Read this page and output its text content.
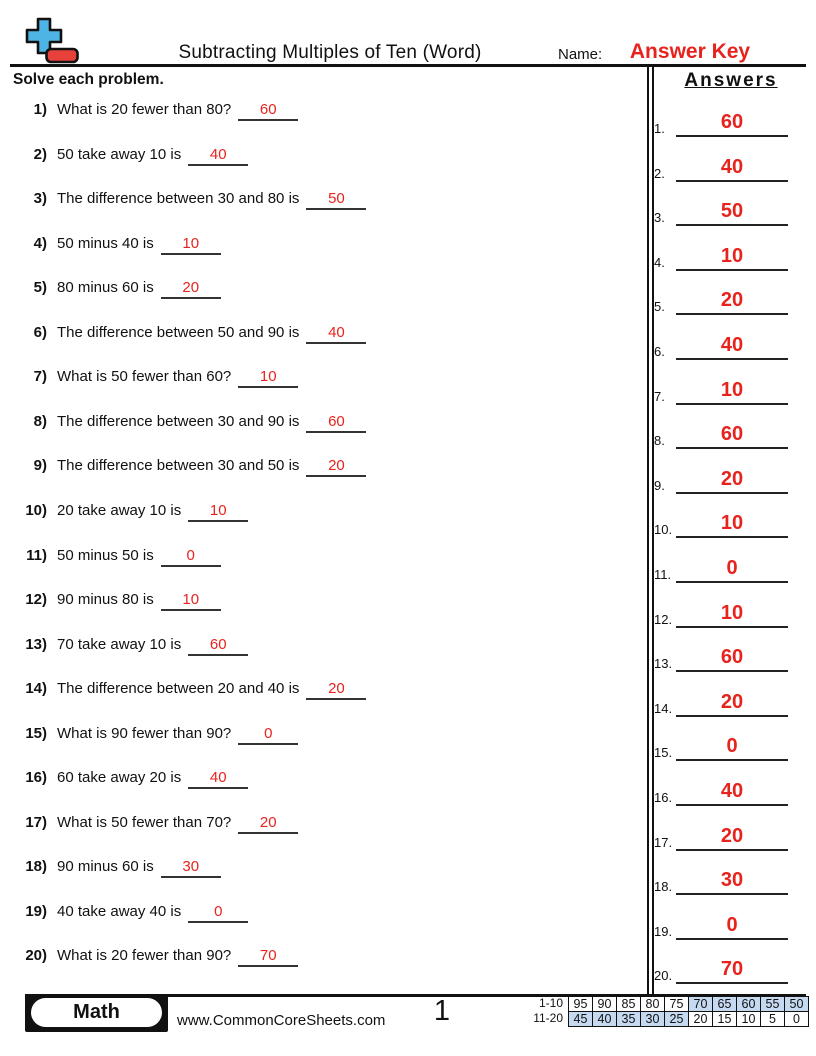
Subtracting Multiples of Ten (Word)	Name:	Answer Key
Solve each problem.
1) What is 20 fewer than 80?	60
2) 50 take away 10 is	40
3) The difference between 30 and 80 is	50
4) 50 minus 40 is	10
5) 80 minus 60 is	20
6) The difference between 50 and 90 is	40
7) What is 50 fewer than 60?	10
8) The difference between 30 and 90 is	60
9) The difference between 30 and 50 is	20
10) 20 take away 10 is	10
11) 50 minus 50 is	0
12) 90 minus 80 is	10
13) 70 take away 10 is	60
14) The difference between 20 and 40 is	20
15) What is 90 fewer than 90?	0
16) 60 take away 20 is	40
17) What is 50 fewer than 70?	20
18) 90 minus 60 is	30
19) 40 take away 40 is	0
20) What is 20 fewer than 90?	70
Answers
1.	60
2.	40
3.	50
4.	10
5.	20
6.	40
7.	10
8.	60
9.	20
10.	10
11.	0
12.	10
13.	60
14.	20
15.	0
16.	40
17.	20
18.	30
19.	0
20.	70
Math	www.CommonCoreSheets.com	1	1-10 95 90 85 80 75 70 65 60 55 50
11-20 45 40 35 30 25 20 15 10	5	0
